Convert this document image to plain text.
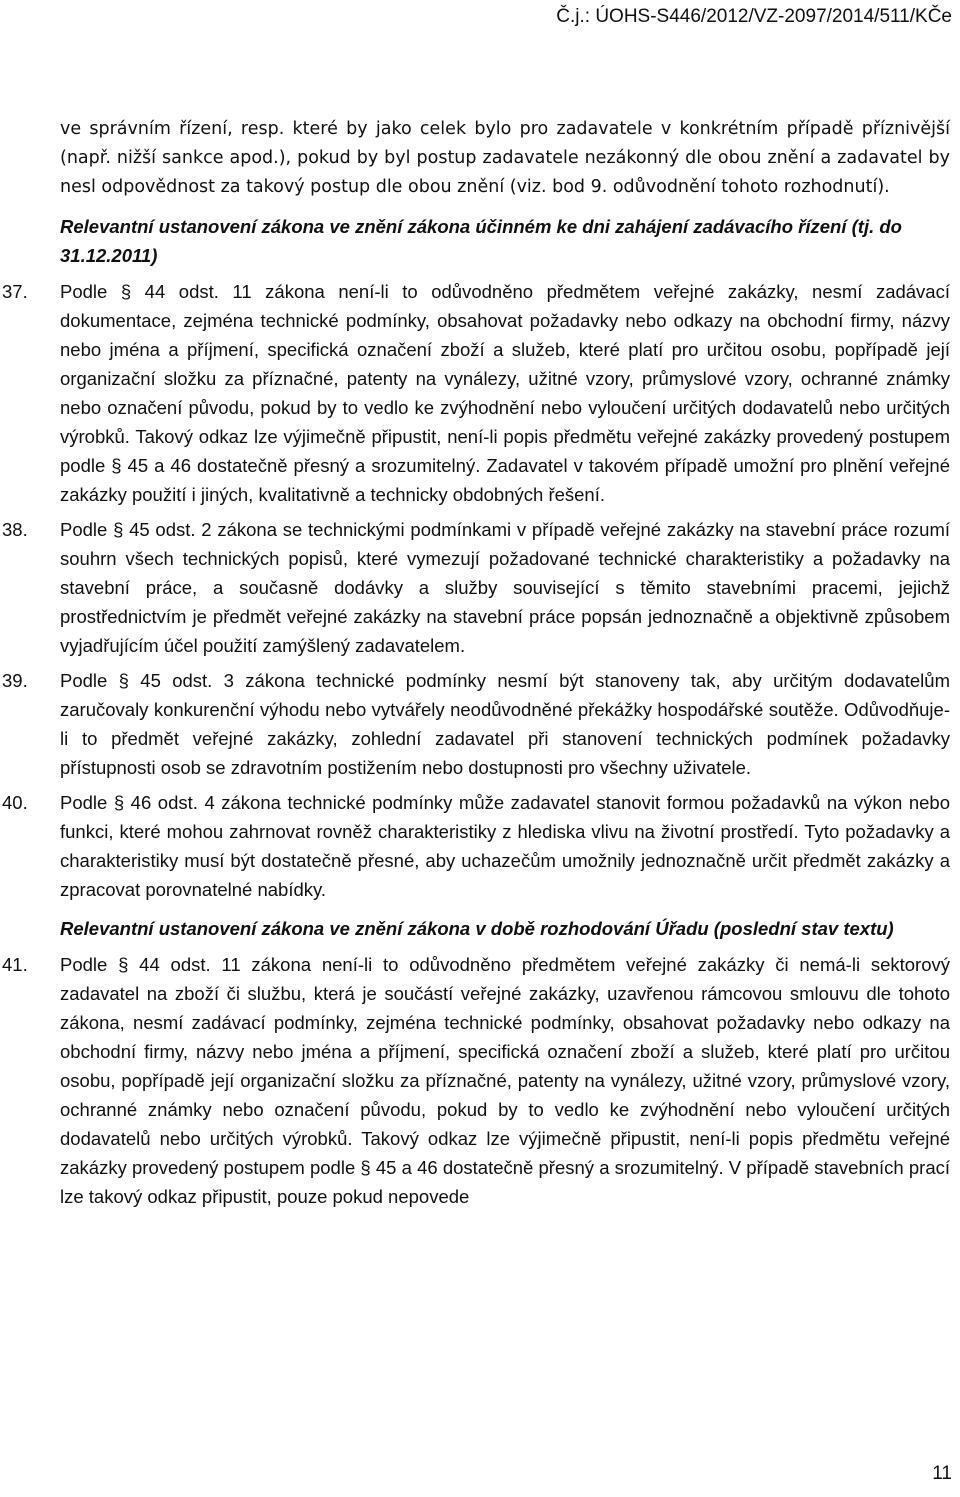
Č.j.: ÚOHS-S446/2012/VZ-2097/2014/511/KČe

ve správním řízení, resp. které by jako celek bylo pro zadavatele v konkrétním případě příznivější (např. nižší sankce apod.), pokud by byl postup zadavatele nezákonný dle obou znění a zadavatel by nesl odpovědnost za takový postup dle obou znění (viz. bod 9. odůvodnění tohoto rozhodnutí).

Relevantní ustanovení zákona ve znění zákona účinném ke dni zahájení zadávacího řízení (tj. do 31.12.2011)
37. Podle § 44 odst. 11 zákona není-li to odůvodněno předmětem veřejné zakázky, nesmí zadávací dokumentace, zejména technické podmínky, obsahovat požadavky nebo odkazy na obchodní firmy, názvy nebo jména a příjmení, specifická označení zboží a služeb, které platí pro určitou osobu, popřípadě její organizační složku za příznačné, patenty na vynálezy, užitné vzory, průmyslové vzory, ochranné známky nebo označení původu, pokud by to vedlo ke zvýhodnění nebo vyloučení určitých dodavatelů nebo určitých výrobků. Takový odkaz lze výjimečně připustit, není-li popis předmětu veřejné zakázky provedený postupem podle § 45 a 46 dostatečně přesný a srozumitelný. Zadavatel v takovém případě umožní pro plnění veřejné zakázky použití i jiných, kvalitativně a technicky obdobných řešení.
38. Podle § 45 odst. 2 zákona se technickými podmínkami v případě veřejné zakázky na stavební práce rozumí souhrn všech technických popisů, které vymezují požadované technické charakteristiky a požadavky na stavební práce, a současně dodávky a služby související s těmito stavebními pracemi, jejichž prostřednictvím je předmět veřejné zakázky na stavební práce popsán jednoznačně a objektivně způsobem vyjadřujícím účel použití zamýšlený zadavatelem.
39. Podle § 45 odst. 3 zákona technické podmínky nesmí být stanoveny tak, aby určitým dodavatelům zaručovaly konkurenční výhodu nebo vytvářely neodůvodněné překážky hospodářské soutěže. Odůvodňuje-li to předmět veřejné zakázky, zohlední zadavatel při stanovení technických podmínek požadavky přístupnosti osob se zdravotním postižením nebo dostupnosti pro všechny uživatele.
40. Podle § 46 odst. 4 zákona technické podmínky může zadavatel stanovit formou požadavků na výkon nebo funkci, které mohou zahrnovat rovněž charakteristiky z hlediska vlivu na životní prostředí. Tyto požadavky a charakteristiky musí být dostatečně přesné, aby uchazečům umožnily jednoznačně určit předmět zakázky a zpracovat porovnatelné nabídky.
Relevantní ustanovení zákona ve znění zákona v době rozhodování Úřadu (poslední stav textu)
41. Podle § 44 odst. 11 zákona není-li to odůvodněno předmětem veřejné zakázky či nemá-li sektorový zadavatel na zboží či službu, která je součástí veřejné zakázky, uzavřenou rámcovou smlouvu dle tohoto zákona, nesmí zadávací podmínky, zejména technické podmínky, obsahovat požadavky nebo odkazy na obchodní firmy, názvy nebo jména a příjmení, specifická označení zboží a služeb, které platí pro určitou osobu, popřípadě její organizační složku za příznačné, patenty na vynálezy, užitné vzory, průmyslové vzory, ochranné známky nebo označení původu, pokud by to vedlo ke zvýhodnění nebo vyloučení určitých dodavatelů nebo určitých výrobků. Takový odkaz lze výjimečně připustit, není-li popis předmětu veřejné zakázky provedený postupem podle § 45 a 46 dostatečně přesný a srozumitelný. V případě stavebních prací lze takový odkaz připustit, pouze pokud nepovede
11
